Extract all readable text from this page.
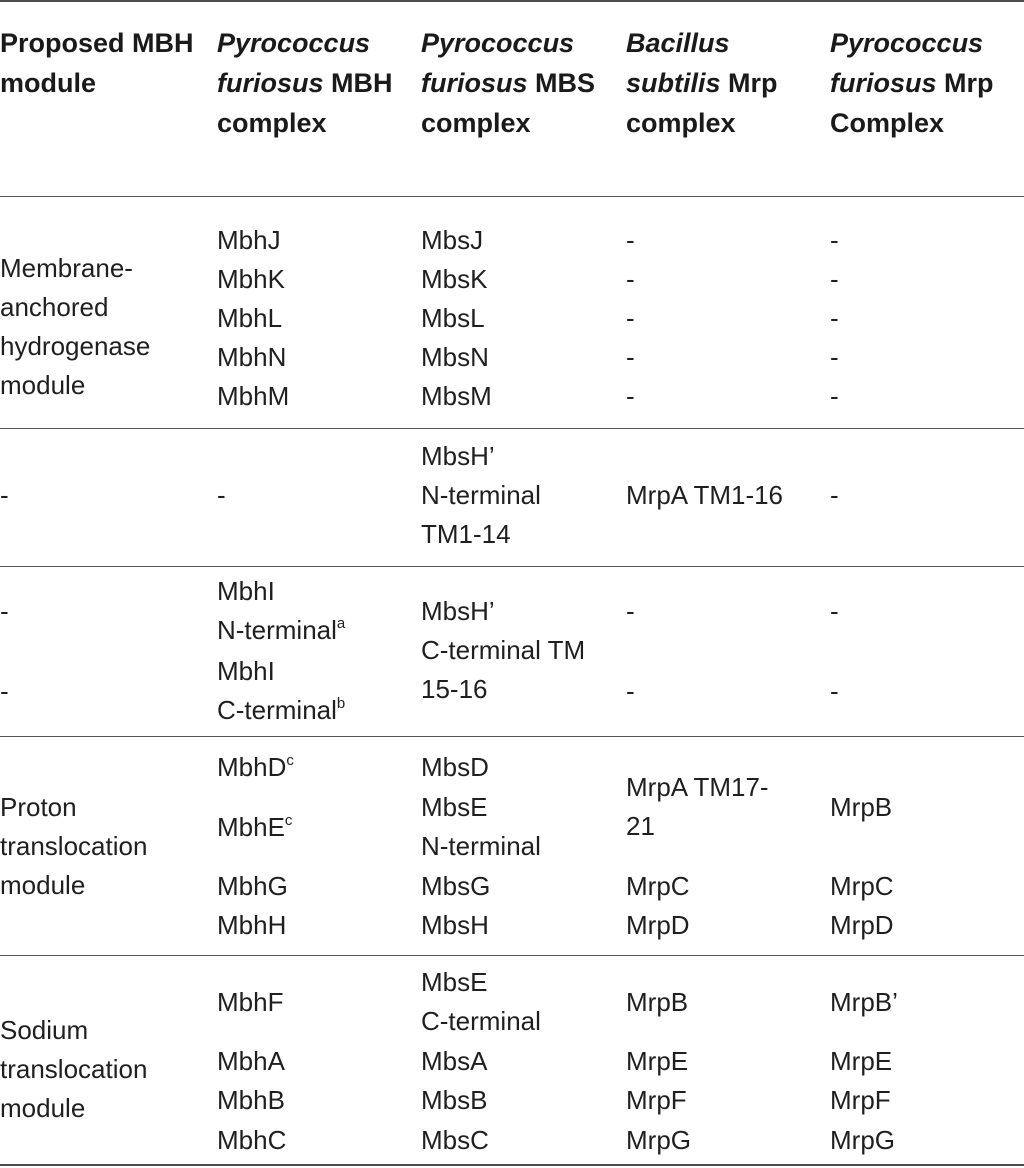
Proposed MBH module
Pyrococcus furiosus MBH complex
Pyrococcus furiosus MBS complex
Bacillus subtilis Mrp complex
Pyrococcus furiosus Mrp Complex
Membrane-
anchored
hydrogenase
module
MbhJ
MbhK
MbhL
MbhN
MbhM
MbsJ
MbsK
MbsL
MbsN
MbsM
-
-
-
-
-
-
-
-
-
-
-	-
MbsH’
N-terminal
TM1-14
MrpA TM1-16 -
-
-
MbhI
N-terminal$^a$
MbhI
C-terminal$^b$
MbsH’
C-terminal TM
15-16
-
-
-
-
Proton
translocation
module
MbhD$^c$
MbhE$^c$
MbhG
MbhH
MbsD
MbsE
N-terminal
MbsG
MbsH
MrpA TM17-
21
MrpC
MrpD
MrpB
MrpC
MrpD
Sodium
translocation
module
MbhF
MbhA
MbhB
MbhC
MbsE
C-terminal
MbsA
MbsB
MbsC
MrpB
MrpE
MrpF
MrpG
MrpB’
MrpE
MrpF
MrpG
